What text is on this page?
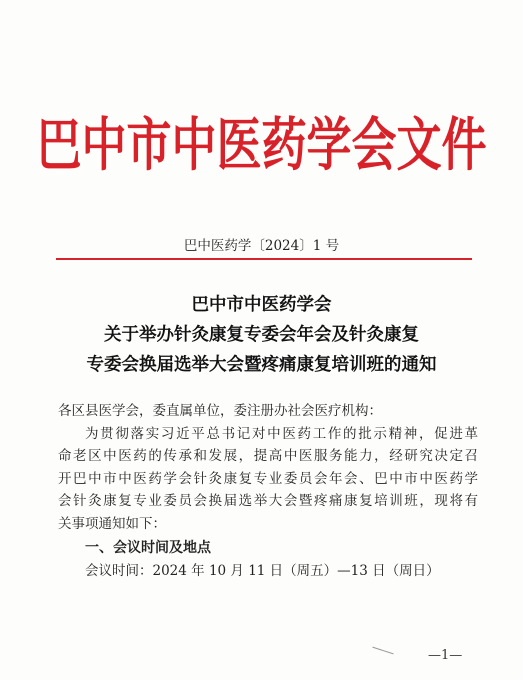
巴中市中医药学会文件
巴中医药学〔2024〕1 号
巴中市中医药学会
关于举办针灸康复专委会年会及针灸康复
专委会换届选举大会暨疼痛康复培训班的通知
各区县医学会，委直属单位，委注册办社会医疗机构：
为贯彻落实习近平总书记对中医药工作的批示精神，促进革
命老区中医药的传承和发展，提高中医服务能力，经研究决定召
开巴中市中医药学会针灸康复专业委员会年会、巴中市中医药学
会针灸康复专业委员会换届选举大会暨疼痛康复培训班，现将有
关事项通知如下：
一、会议时间及地点
会议时间：2024 年 10 月 11 日（周五）—13 日（周日）
—1—
